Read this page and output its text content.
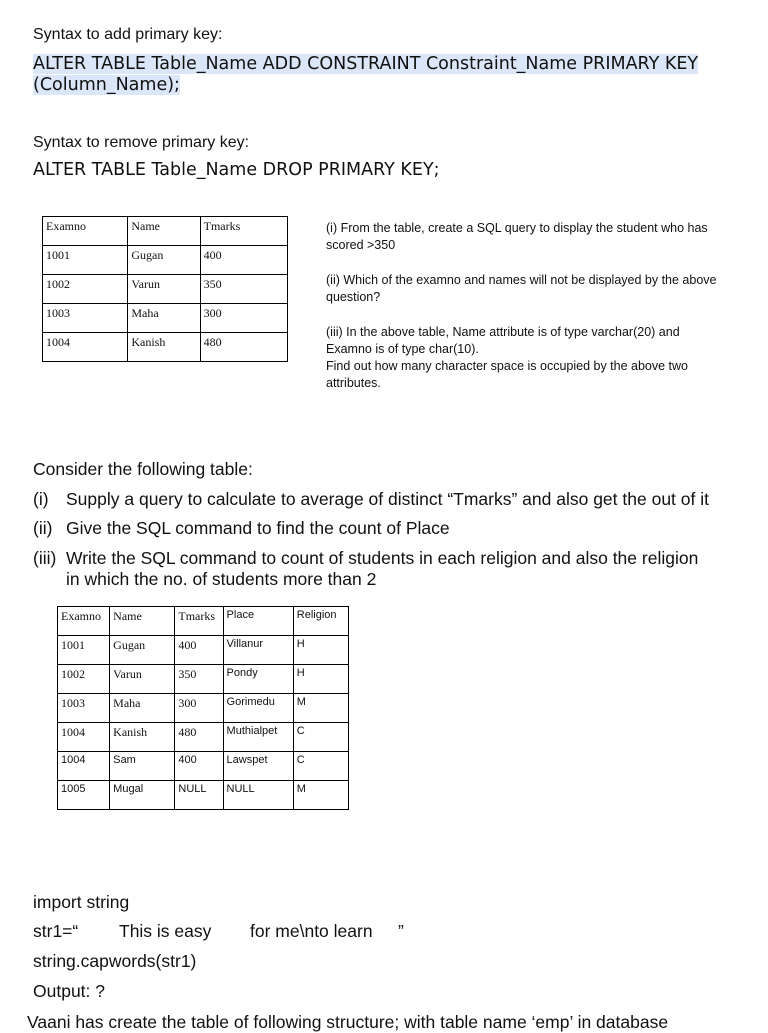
Syntax to add primary key:
ALTER TABLE Table_Name ADD CONSTRAINT Constraint_Name PRIMARY KEY (Column_Name);
Syntax to remove primary key:
ALTER TABLE Table_Name DROP PRIMARY KEY;
Examno	Name	Tmarks
1001	Gugan	400
1002	Varun	350
1003	Maha	300
1004	Kanish	480
(i) From the table, create a SQL query to display the student who has scored >350
(ii) Which of the examno and names will not be displayed by the above question?
(iii) In the above table, Name attribute is of type varchar(20) and Examno is of type char(10).
Find out how many character space is occupied by the above two attributes.
Consider the following table:
(i) Supply a query to calculate to average of distinct “Tmarks” and also get the out of it
(ii) Give the SQL command to find the count of Place
(iii) Write the SQL command to count of students in each religion and also the religion
in which the no. of students more than 2
Examno	Name	Tmarks	Place	Religion
1001	Gugan	400	Villanur	H
1002	Varun	350	Pondy	H
1003	Maha	300	Gorimedu	M
1004	Kanish	480	Muthialpet	C
1004	Sam	400	Lawspet	C
1005	Mugal	NULL	NULL	M
import string
str1=“ This is easy for me\nto learn ”
string.capwords(str1)
Output: ?
Vaani has create the table of following structure; with table name ‘emp’ in database
